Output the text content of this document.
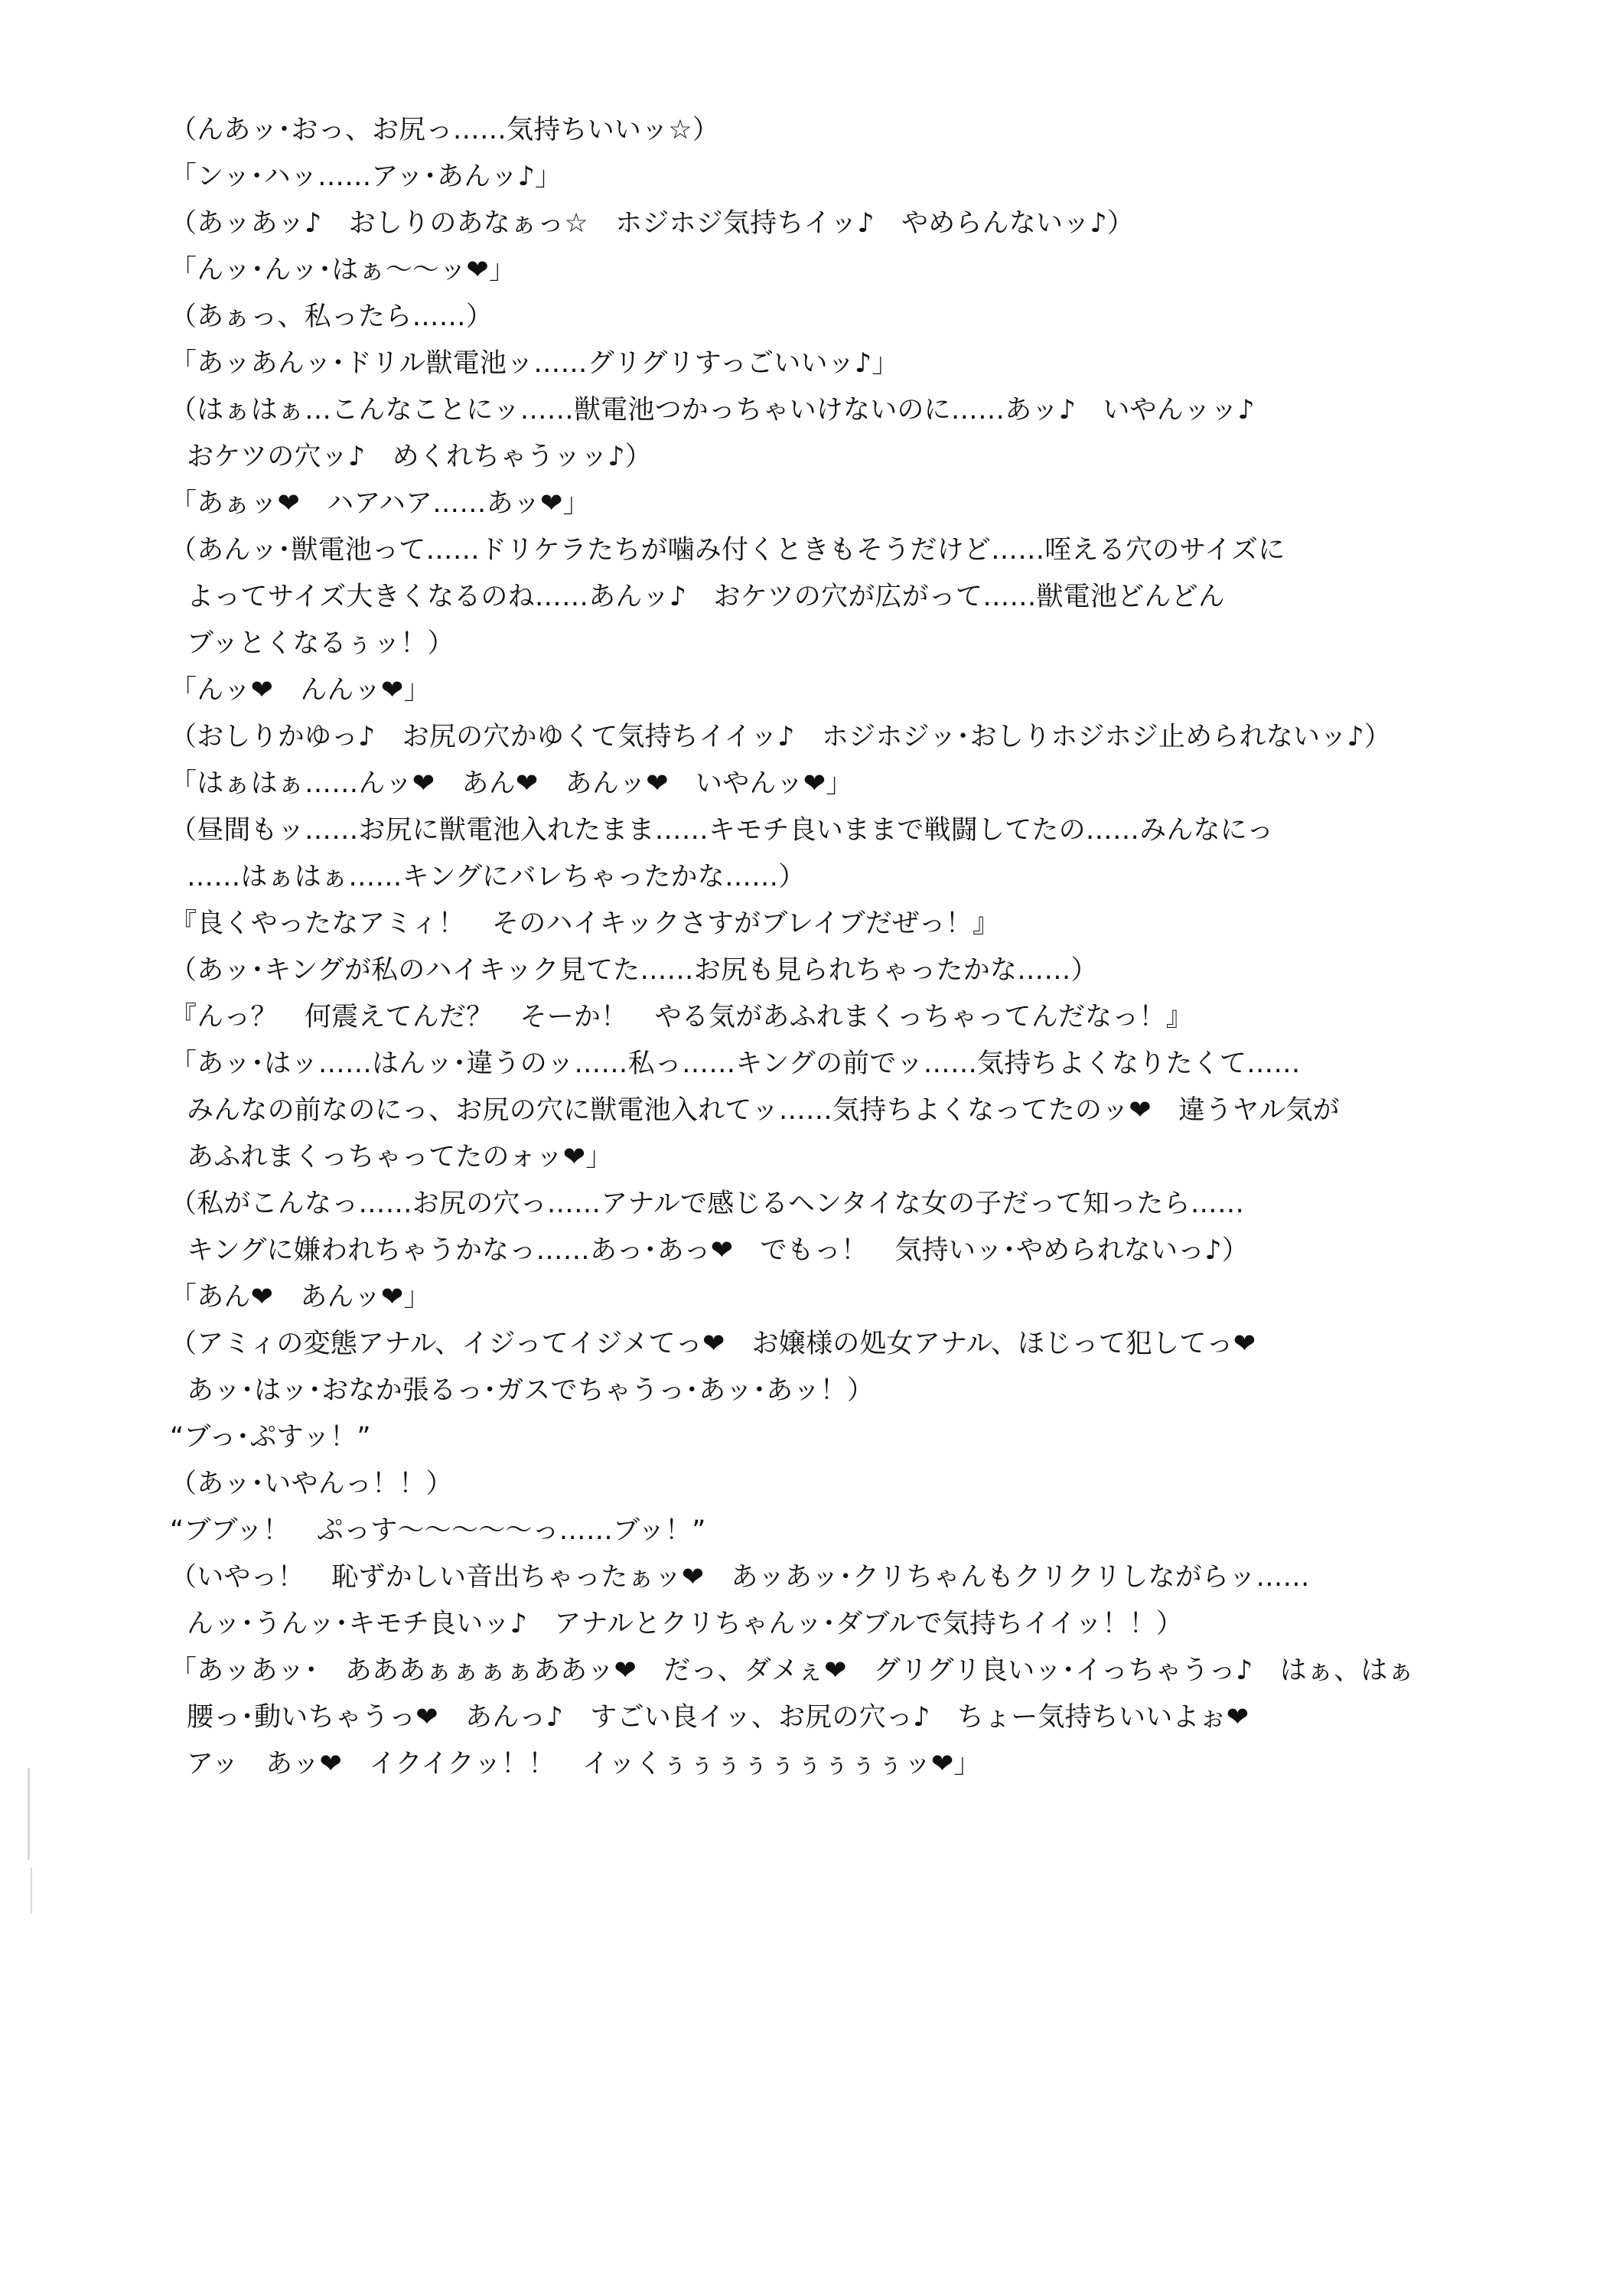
（んあッ･おっ、お尻っ……気持ちいいッ☆）
「ンッ･ハッ……アッ･あんッ♪」
（あッあッ♪　おしりのあなぁっ☆　ホジホジ気持ちイッ♪　やめらんないッ♪）
「んッ･んッ･はぁ〜〜ッ❤」
（あぁっ、私ったら……）
「あッあんッ･ドリル獣電池ッ……グリグリすっごいいッ♪」
（はぁはぁ…こんなことにッ……獣電池つかっちゃいけないのに……あッ♪　いやんッッ♪
おケツの穴ッ♪　めくれちゃうッッ♪）
「あぁッ❤　ハアハア……あッ❤」
（あんッ･獣電池って……ドリケラたちが噛み付くときもそうだけど……咥える穴のサイズに
よってサイズ大きくなるのね……あんッ♪　おケツの穴が広がって……獣電池どんどん
ブッとくなるぅッ！）
「んッ❤　んんッ❤」
（おしりかゆっ♪　お尻の穴かゆくて気持ちイイッ♪　ホジホジッ･おしりホジホジ止められないッ♪）
「はぁはぁ……んッ❤　あん❤　あんッ❤　いやんッ❤」
（昼間もッ……お尻に獣電池入れたまま……キモチ良いままで戦闘してたの……みんなにっ
……はぁはぁ……キングにバレちゃったかな……）
『良くやったなアミィ！　そのハイキックさすがブレイブだぜっ！』
（あッ･キングが私のハイキック見てた……お尻も見られちゃったかな……）
『んっ？　何震えてんだ？　そーか！　やる気があふれまくっちゃってんだなっ！』
「あッ･はッ……はんッ･違うのッ……私っ……キングの前でッ……気持ちよくなりたくて……
みんなの前なのにっ、お尻の穴に獣電池入れてッ……気持ちよくなってたのッ❤　違うヤル気が
あふれまくっちゃってたのォッ❤」
（私がこんなっ……お尻の穴っ……アナルで感じるヘンタイな女の子だって知ったら……
キングに嫌われちゃうかなっ……あっ･あっ❤　でもっ！　気持いッ･やめられないっ♪）
「あん❤　あんッ❤」
（アミィの変態アナル、イジってイジメてっ❤　お嬢様の処女アナル、ほじって犯してっ❤
あッ･はッ･おなか張るっ･ガスでちゃうっ･あッ･あッ！）
“ブっ･ぷすッ！”
（あッ･いやんっ！！）
“ブブッ！　ぷっす〜〜〜〜〜っ……ブッ！”
（いやっ！　恥ずかしい音出ちゃったぁッ❤　あッあッ･クリちゃんもクリクリしながらッ……
んッ･うんッ･キモチ良いッ♪　アナルとクリちゃんッ･ダブルで気持ちイイッ！！）
「あッあッ･　あああぁぁぁぁああッ❤　だっ、ダメぇ❤　グリグリ良いッ･イっちゃうっ♪　はぁ、はぁ
腰っ･動いちゃうっ❤　あんっ♪　すごい良イッ、お尻の穴っ♪　ちょー気持ちいいよぉ❤
アッ　あッ❤　イクイクッ！！　イッくぅぅぅぅぅぅぅぅぅッ❤」
